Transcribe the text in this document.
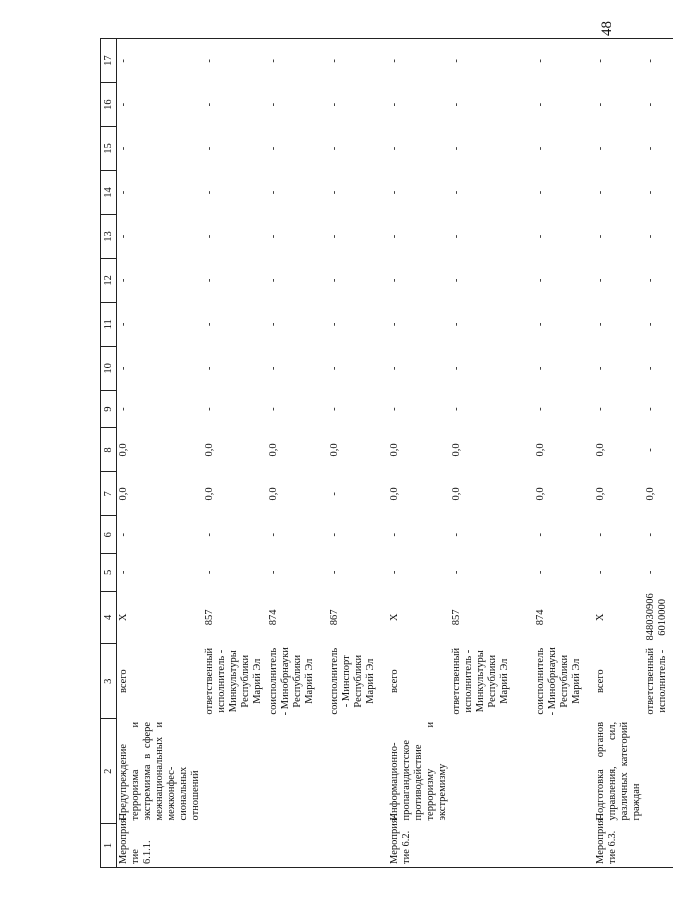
48
1	2	3	4	5	6	7	8	9	10	11	12	13	14	15	16	17
Мероприя-
тие 6.1.1.	Предупреждение терроризма и экстремизма в сфере межнациональных и межконфес-сиональных отношений	всего	X	-	-	0,0	0,0	-	-	-	-	-	-	-	-	-
		ответственный исполнитель - Минкультуры Республики Марий Эл	857	-	-	0,0	0,0	-	-	-	-	-	-	-	-	-
		соисполнитель - Минобрнауки Республики Марий Эл	874	-	-	0,0	0,0	-	-	-	-	-	-	-	-	-
		соисполнитель - Минспорт Республики Марий Эл	867	-	-	-	0,0	-	-	-	-	-	-	-	-	-
Мероприя-
тие 6.2.	Информационно-пропагандистское противодействие терроризму и экстремизму	всего	X	-	-	0,0	0,0	-	-	-	-	-	-	-	-	-
		ответственный исполнитель - Минкультуры Республики Марий Эл	857	-	-	0,0	0,0	-	-	-	-	-	-	-	-	-
		соисполнитель - Минобрнауки Республики Марий Эл	874	-	-	0,0	0,0	-	-	-	-	-	-	-	-	-
Мероприя-
тие 6.3.	Подготовка органов управления, сил, различных категорий граждан	всего	X	-	-	0,0	0,0	-	-	-	-	-	-	-	-	-
		ответственный исполнитель -	848030906 6010000	-	-	0,0	-	-	-	-	-	-	-	-	-	-
